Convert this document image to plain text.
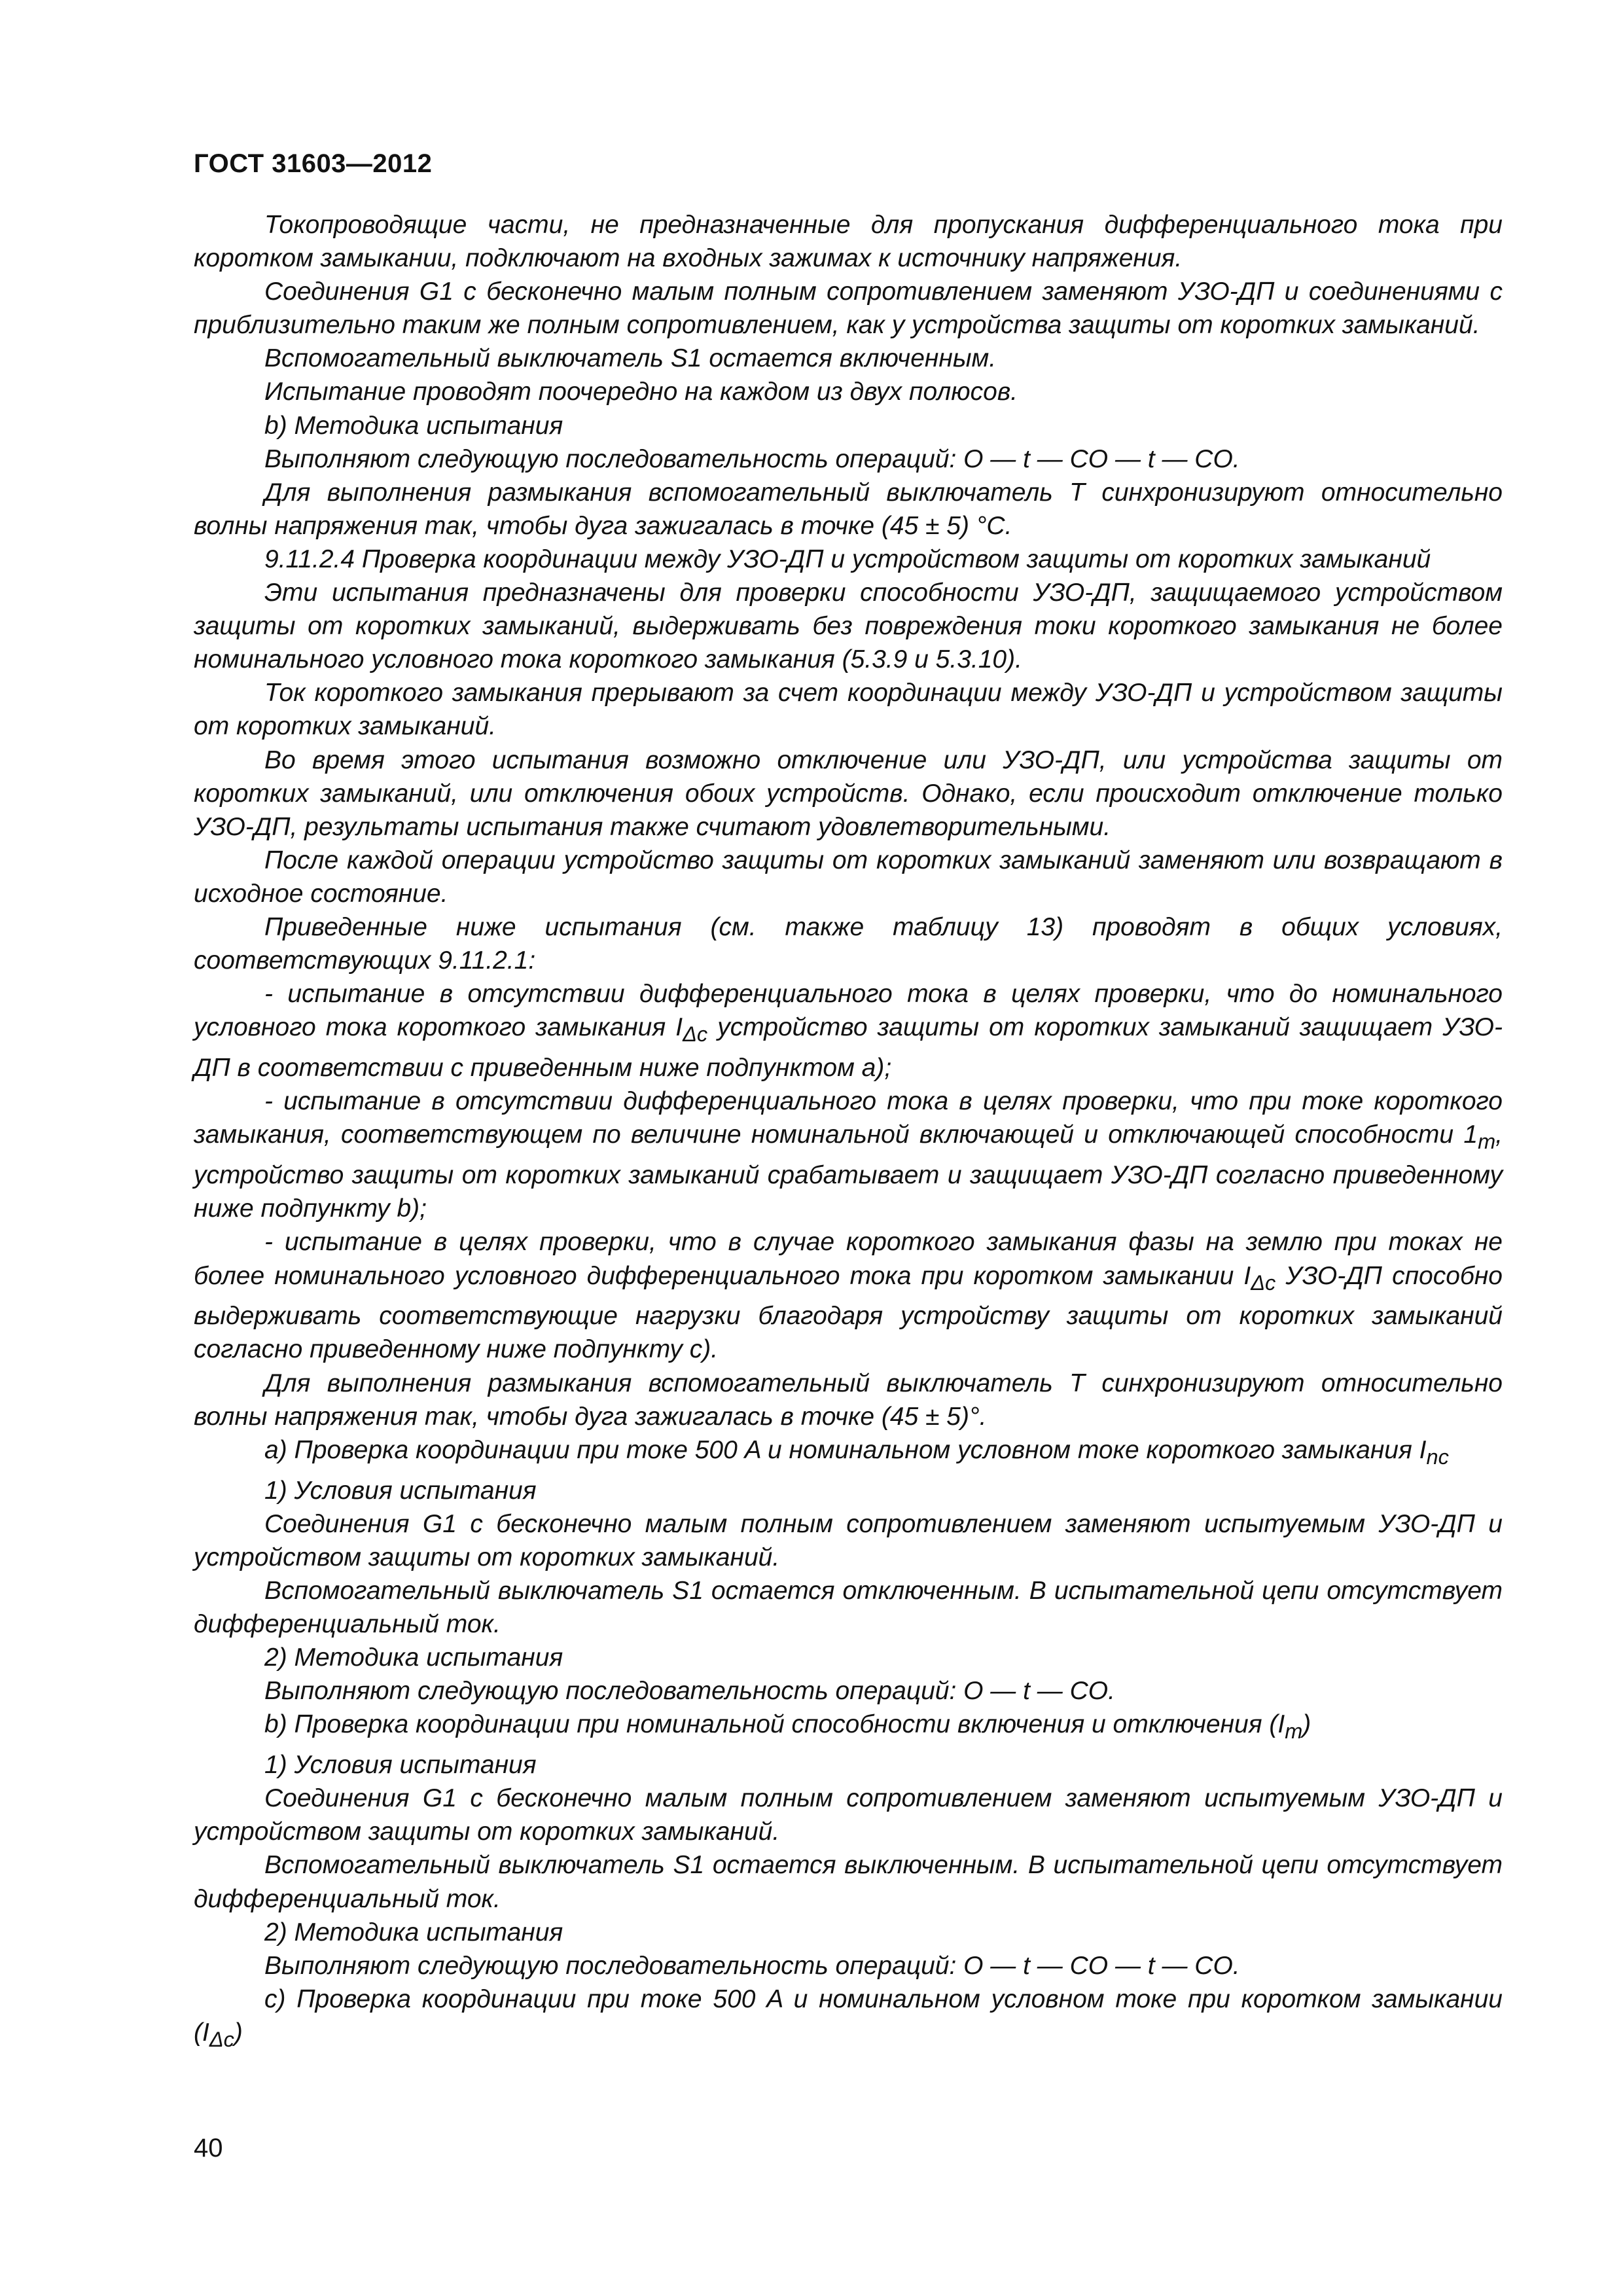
ГОСТ 31603—2012

Токопроводящие части, не предназначенные для пропускания дифференциального тока при коротком замыкании, подключают на входных зажимах к источнику напряжения.

Соединения G1 с бесконечно малым полным сопротивлением заменяют УЗО-ДП и соединениями с приблизительно таким же полным сопротивлением, как у устройства защиты от коротких замыканий.

Вспомогательный выключатель S1 остается включенным.

Испытание проводят поочередно на каждом из двух полюсов.

b) Методика испытания

Выполняют следующую последовательность операций: O — t — CO — t — CO.

Для выполнения размыкания вспомогательный выключатель T синхронизируют относительно волны напряжения так, чтобы дуга зажигалась в точке (45 ± 5) °С.

9.11.2.4 Проверка координации между УЗО-ДП и устройством защиты от коротких замыканий

Эти испытания предназначены для проверки способности УЗО-ДП, защищаемого устройством защиты от коротких замыканий, выдерживать без повреждения токи короткого замыкания не более номинального условного тока короткого замыкания (5.3.9 и 5.3.10).

Ток короткого замыкания прерывают за счет координации между УЗО-ДП и устройством защиты от коротких замыканий.

Во время этого испытания возможно отключение или УЗО-ДП, или устройства защиты от коротких замыканий, или отключения обоих устройств. Однако, если происходит отключение только УЗО-ДП, результаты испытания также считают удовлетворительными.

После каждой операции устройство защиты от коротких замыканий заменяют или возвращают в исходное состояние.

Приведенные ниже испытания (см. также таблицу 13) проводят в общих условиях, соответствующих 9.11.2.1:

- испытание в отсутствии дифференциального тока в целях проверки, что до номинального условного тока короткого замыкания $I_{\Delta c}$ устройство защиты от коротких замыканий защищает УЗО-ДП в соответствии с приведенным ниже подпунктом а);

- испытание в отсутствии дифференциального тока в целях проверки, что при токе короткого замыкания, соответствующем по величине номинальной включающей и отключающей способности $1_т$, устройство защиты от коротких замыканий срабатывает и защищает УЗО-ДП согласно приведенному ниже подпункту b);

- испытание в целях проверки, что в случае короткого замыкания фазы на землю при токах не более номинального условного дифференциального тока при коротком замыкании $I_{\Delta c}$ УЗО-ДП способно выдерживать соответствующие нагрузки благодаря устройству защиты от коротких замыканий согласно приведенному ниже подпункту с).

Для выполнения размыкания вспомогательный выключатель T синхронизируют относительно волны напряжения так, чтобы дуга зажигалась в точке (45 ± 5)°.

a) Проверка координации при токе 500 A и номинальном условном токе короткого замыкания $I_{nc}$

1) Условия испытания

Соединения G1 с бесконечно малым полным сопротивлением заменяют испытуемым УЗО-ДП и устройством защиты от коротких замыканий.

Вспомогательный выключатель S1 остается отключенным. В испытательной цепи отсутствует дифференциальный ток.

2) Методика испытания

Выполняют следующую последовательность операций: O — t — CO.

b) Проверка координации при номинальной способности включения и отключения $(I_m)$

1) Условия испытания

Соединения G1 с бесконечно малым полным сопротивлением заменяют испытуемым УЗО-ДП и устройством защиты от коротких замыканий.

Вспомогательный выключатель S1 остается выключенным. В испытательной цепи отсутствует дифференциальный ток.

2) Методика испытания

Выполняют следующую последовательность операций: O — t — CO — t — CO.

c) Проверка координации при токе 500 A и номинальном условном токе при коротком замыкании $(I_{\Delta c})$

40
